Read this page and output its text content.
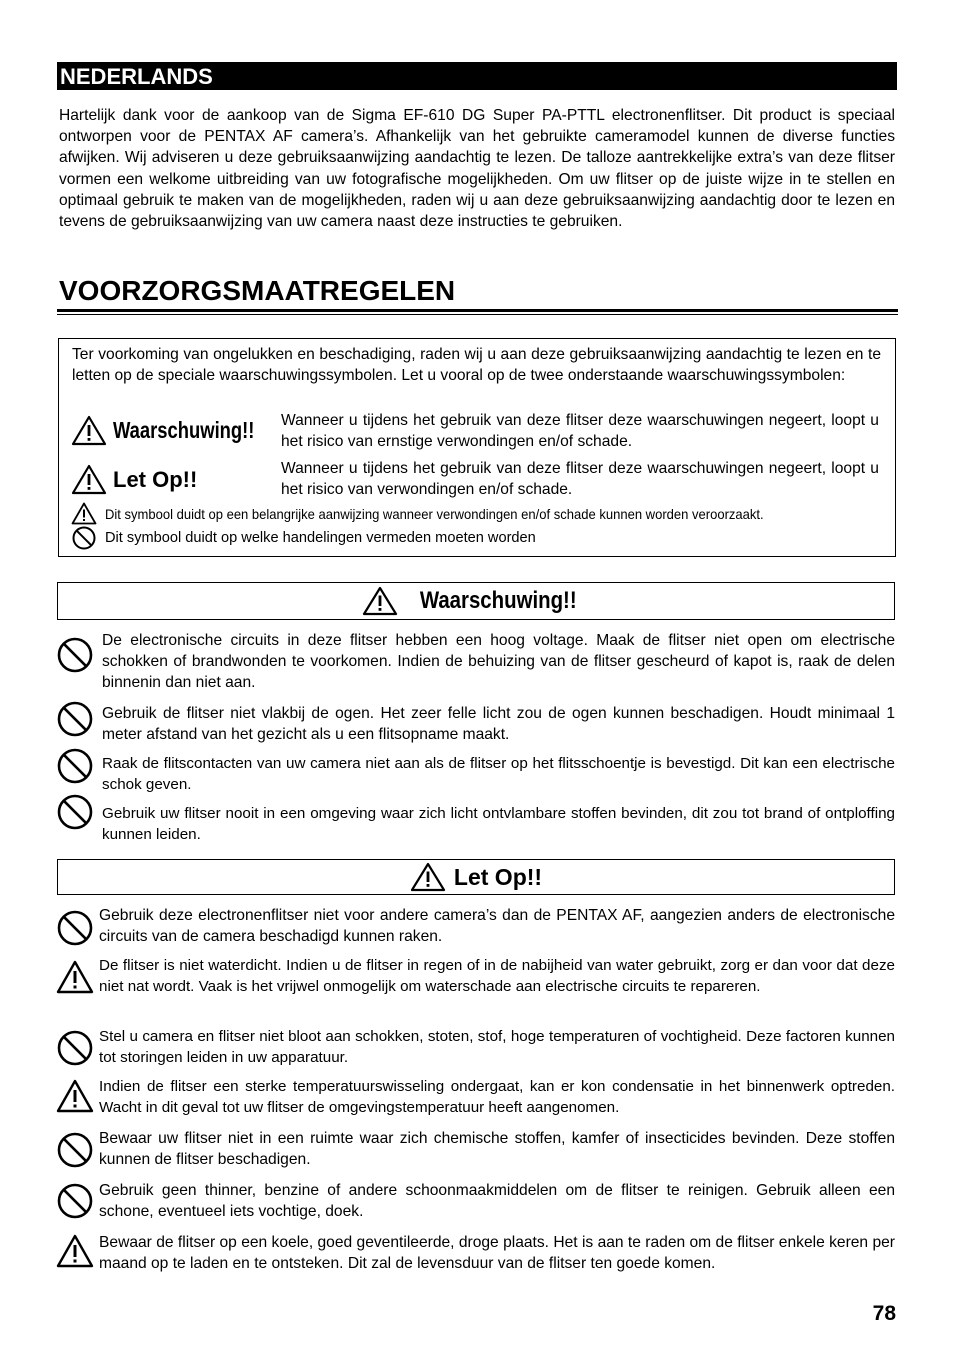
NEDERLANDS

Hartelijk dank voor de aankoop van de Sigma EF-610 DG Super PA-PTTL electronenflitser. Dit product is speciaal ontworpen voor de PENTAX AF camera’s. Afhankelijk van het gebruikte cameramodel kunnen de diverse functies afwijken. Wij adviseren u deze gebruiksaanwijzing aandachtig te lezen. De talloze aantrekkelijke extra’s van deze flitser vormen een welkome uitbreiding van uw fotografische mogelijkheden. Om uw flitser op de juiste wijze in te stellen en optimaal gebruik te maken van de mogelijkheden, raden wij u aan deze gebruiksaanwijzing aandachtig door te lezen en tevens de gebruiksaanwijzing van uw camera naast deze instructies te gebruiken.

VOORZORGSMAATREGELEN

Ter voorkoming van ongelukken en beschadiging, raden wij u aan deze gebruiksaanwijzing aandachtig te lezen en te letten op de speciale waarschuwingssymbolen. Let u vooral op de twee onderstaande waarschuwingssymbolen:

Waarschuwing!! Wanneer u tijdens het gebruik van deze flitser deze waarschuwingen negeert, loopt u het risico van ernstige verwondingen en/of schade.

Let Op!!	Wanneer u tijdens het gebruik van deze flitser deze waarschuwingen negeert, loopt u het risico van verwondingen en/of schade.

Dit symbool duidt op een belangrijke aanwijzing wanneer verwondingen en/of schade kunnen worden veroorzaakt.
Dit symbool duidt op welke handelingen vermeden moeten worden
Waarschuwing!!

De electronische circuits in deze flitser hebben een hoog voltage. Maak de flitser niet open om electrische schokken of brandwonden te voorkomen. Indien de behuizing van de flitser gescheurd of kapot is, raak de delen binnenin dan niet aan.

Gebruik de flitser niet vlakbij de ogen. Het zeer felle licht zou de ogen kunnen beschadigen. Houdt minimaal 1 meter afstand van het gezicht als u een flitsopname maakt.

Raak de flitscontacten van uw camera niet aan als de flitser op het flitsschoentje is bevestigd. Dit kan een electrische schok geven.

Gebruik uw flitser nooit in een omgeving waar zich licht ontvlambare stoffen bevinden, dit zou tot brand of ontploffing kunnen leiden.

Let Op!!

Gebruik deze electronenflitser niet voor andere camera’s dan de PENTAX AF, aangezien anders de electronische circuits van de camera beschadigd kunnen raken.

De flitser is niet waterdicht. Indien u de flitser in regen of in de nabijheid van water gebruikt, zorg er dan voor dat deze niet nat wordt. Vaak is het vrijwel onmogelijk om waterschade aan electrische circuits te repareren.

Stel u camera en flitser niet bloot aan schokken, stoten, stof, hoge temperaturen of vochtigheid. Deze factoren kunnen tot storingen leiden in uw apparatuur.

Indien de flitser een sterke temperatuurswisseling ondergaat, kan er kon condensatie in het binnenwerk optreden. Wacht in dit geval tot uw flitser de omgevingstemperatuur heeft aangenomen.

Bewaar uw flitser niet in een ruimte waar zich chemische stoffen, kamfer of insecticides bevinden. Deze stoffen kunnen de flitser beschadigen.

Gebruik geen thinner, benzine of andere schoonmaakmiddelen om de flitser te reinigen. Gebruik alleen een schone, eventueel iets vochtige, doek.

Bewaar de flitser op een koele, goed geventileerde, droge plaats. Het is aan te raden om de flitser enkele keren per maand op te laden en te ontsteken. Dit zal de levensduur van de flitser ten goede komen.

78
